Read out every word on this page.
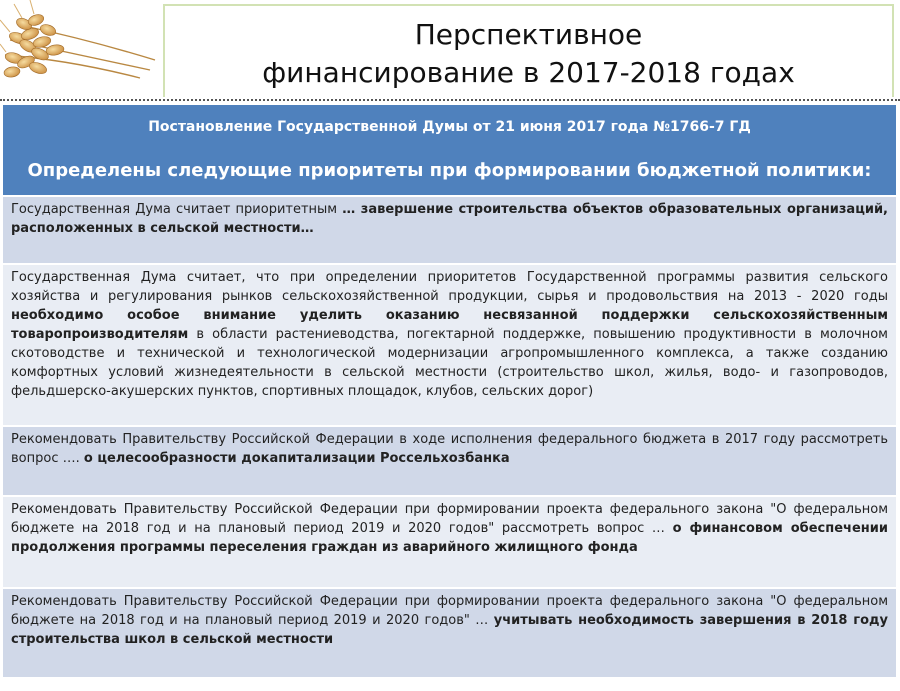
Перспективное
финансирование в 2017-2018 годах
Постановление Государственной Думы от 21 июня 2017 года №1766-7 ГД
Определены следующие приоритеты при формировании бюджетной политики:
Государственная Дума считает приоритетным … завершение строительства объектов образовательных организаций, расположенных в сельской местности…
Государственная Дума считает, что при определении приоритетов Государственной программы развития сельского хозяйства и регулирования рынков сельскохозяйственной продукции, сырья и продовольствия на 2013 - 2020 годы необходимо особое внимание уделить оказанию несвязанной поддержки сельскохозяйственным товаропроизводителям в области растениеводства, погектарной поддержке, повышению продуктивности в молочном скотоводстве и технической и технологической модернизации агропромышленного комплекса, а также созданию комфортных условий жизнедеятельности в сельской местности (строительство школ, жилья, водо- и газопроводов, фельдшерско-акушерских пунктов, спортивных площадок, клубов, сельских дорог)
Рекомендовать Правительству Российской Федерации в ходе исполнения федерального бюджета в 2017 году рассмотреть вопрос …. о целесообразности докапитализации Россельхозбанка
Рекомендовать Правительству Российской Федерации при формировании проекта федерального закона "О федеральном бюджете на 2018 год и на плановый период 2019 и 2020 годов" рассмотреть вопрос … о финансовом обеспечении продолжения программы переселения граждан из аварийного жилищного фонда
Рекомендовать Правительству Российской Федерации при формировании проекта федерального закона "О федеральном бюджете на 2018 год и на плановый период 2019 и 2020 годов" … учитывать необходимость завершения в 2018 году строительства школ в сельской местности
